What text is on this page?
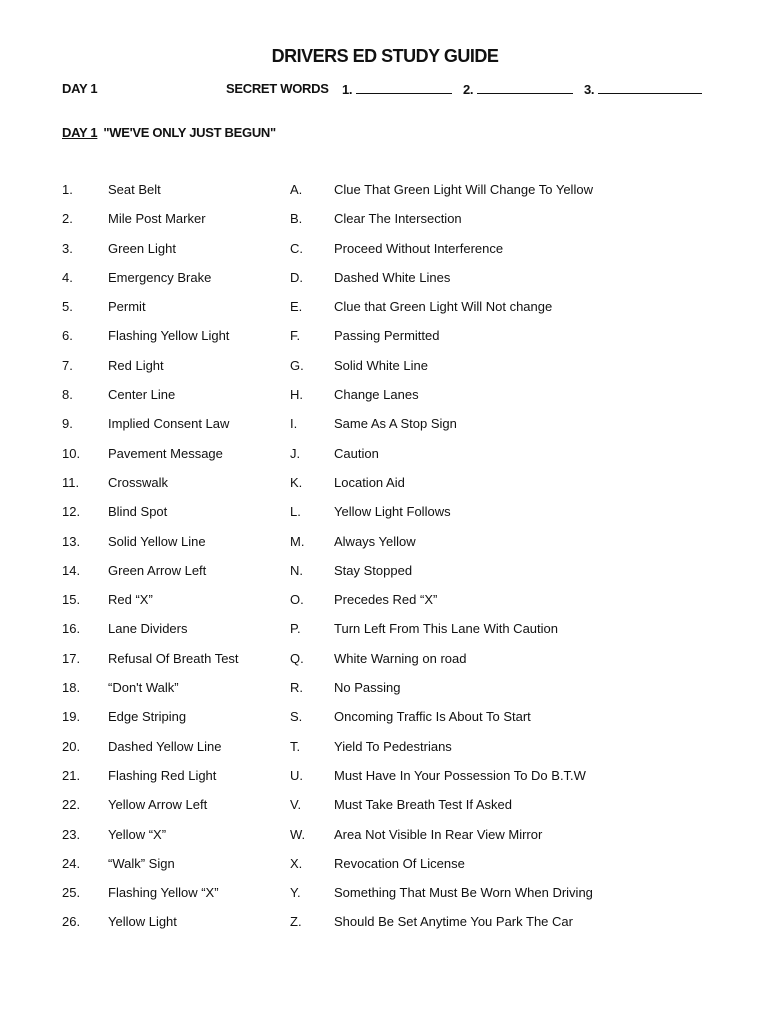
DRIVERS ED STUDY GUIDE
DAY 1	SECRET WORDS 1.	2.	3.
DAY 1 "WE'VE ONLY JUST BEGUN"
1.	Seat Belt	A. Clue That Green Light Will Change To Yellow
2.	Mile Post Marker	B. Clear The Intersection
3.	Green Light	C. Proceed Without Interference
4.	Emergency Brake	D. Dashed White Lines
5.	Permit	E. Clue that Green Light Will Not change
6.	Flashing Yellow Light	F.	Passing Permitted
7.	Red Light	G. Solid White Line
8.	Center Line	H. Change Lanes
9.	Implied Consent Law	I.	Same As A Stop Sign
10. Pavement Message	J.	Caution
11. Crosswalk	K. Location Aid
12. Blind Spot	L.	Yellow Light Follows
13. Solid Yellow Line	M. Always Yellow
14. Green Arrow Left	N. Stay Stopped
15. Red “X”	O. Precedes Red “X”
16. Lane Dividers	P.	Turn Left From This Lane With Caution
17. Refusal Of Breath Test	Q. White Warning on road
18. “Don't Walk”	R. No Passing
19. Edge Striping	S. Oncoming Traffic Is About To Start
20. Dashed Yellow Line	T.	Yield To Pedestrians
21. Flashing Red Light	U. Must Have In Your Possession To Do B.T.W
22. Yellow Arrow Left	V.	Must Take Breath Test If Asked
23. Yellow “X”	W. Area Not Visible In Rear View Mirror
24. “Walk” Sign	X. Revocation Of License
25. Flashing Yellow “X”	Y.	Something That Must Be Worn When Driving
26. Yellow Light	Z. Should Be Set Anytime You Park The Car
